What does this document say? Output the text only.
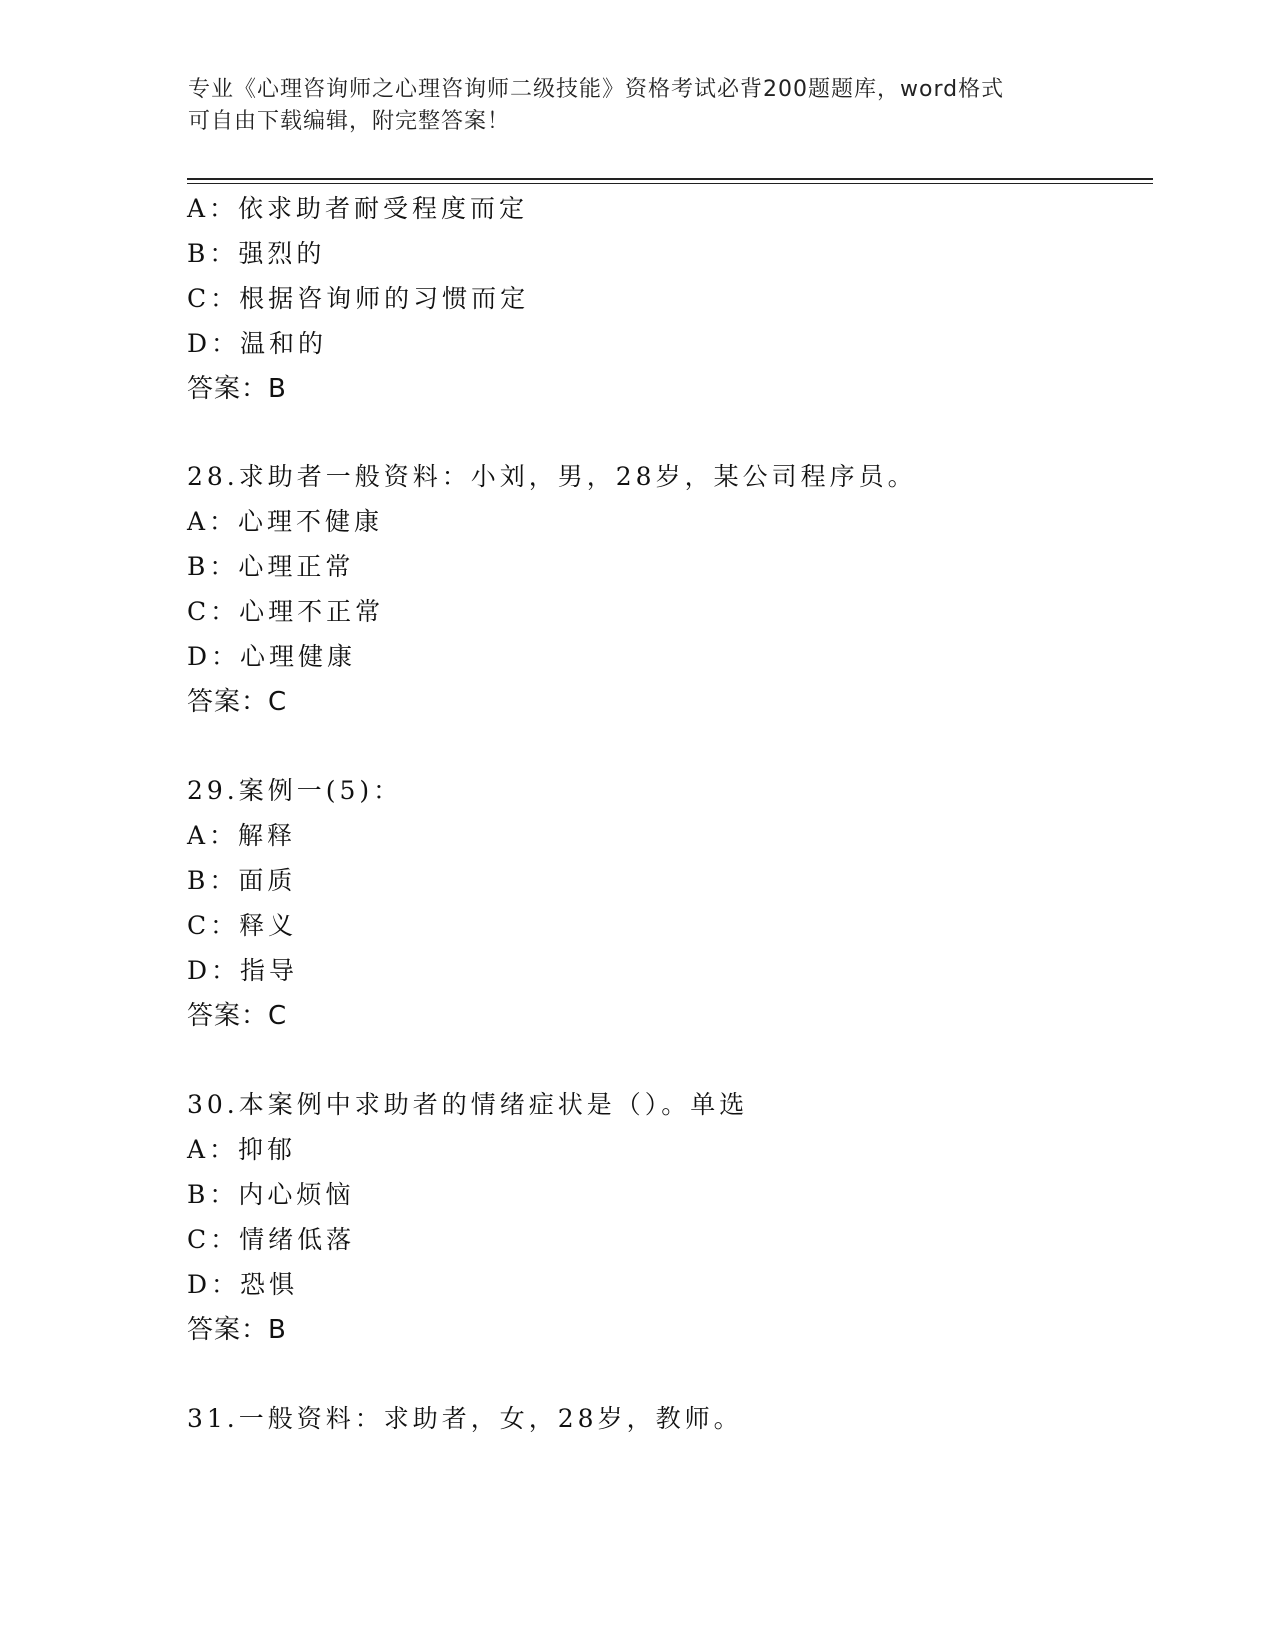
专业《心理咨询师之心理咨询师二级技能》资格考试必背200题题库，word格式
可自由下载编辑，附完整答案！
A：依求助者耐受程度而定
B：强烈的
C：根据咨询师的习惯而定
D：温和的
答案：B
28.求助者一般资料：小刘，男，28岁，某公司程序员。
A：心理不健康
B：心理正常
C：心理不正常
D：心理健康
答案：C
29.案例一(5)：
A：解释
B：面质
C：释义
D：指导
答案：C
30.本案例中求助者的情绪症状是（）。单选
A：抑郁
B：内心烦恼
C：情绪低落
D：恐惧
答案：B
31.一般资料：求助者，女，28岁，教师。
